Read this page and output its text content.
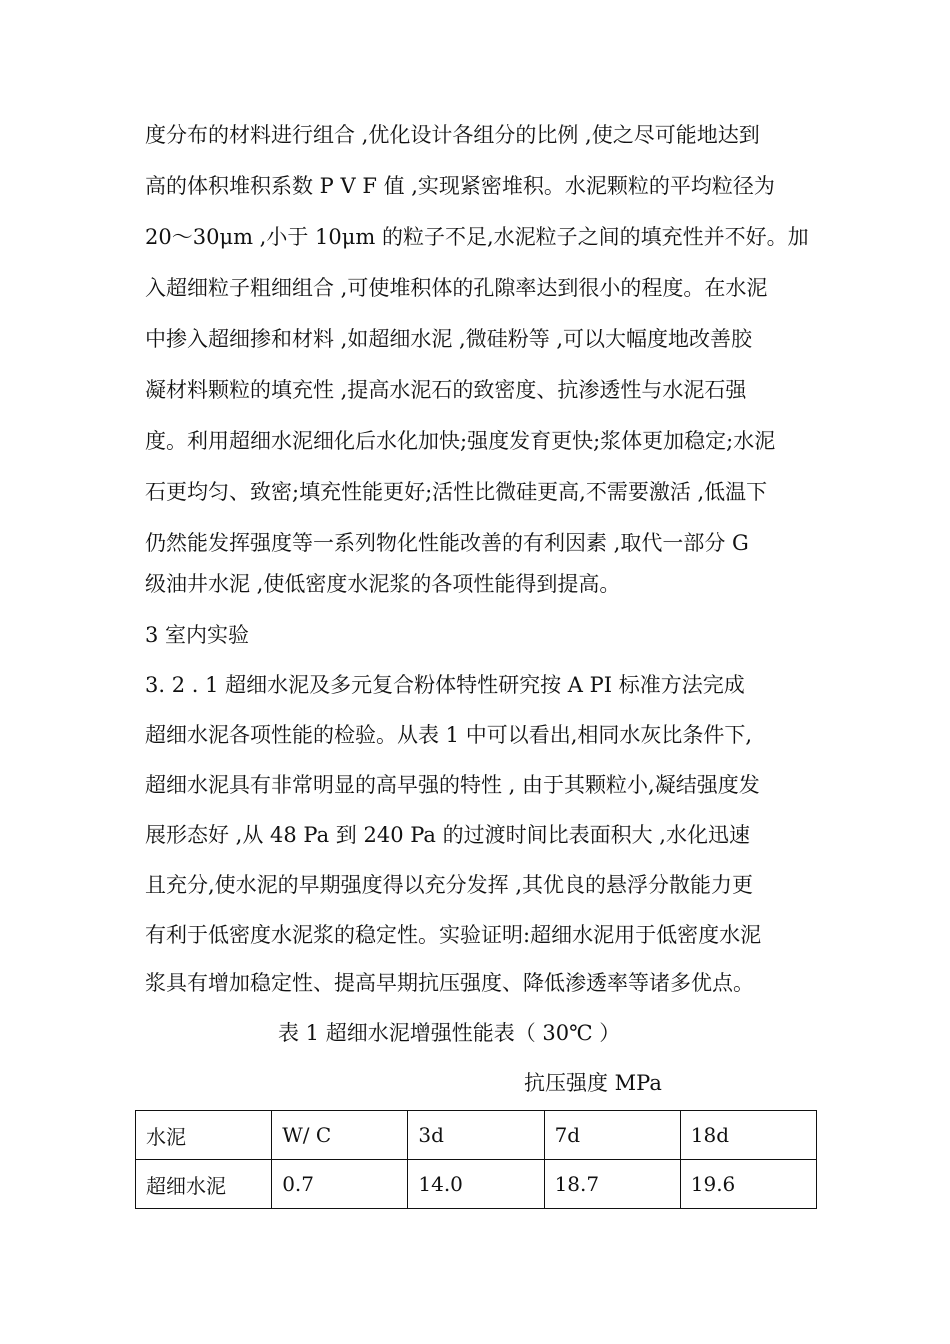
度分布的材料进行组合 ,优化设计各组分的比例 ,使之尽可能地达到
高的体积堆积系数 P V F 值 ,实现紧密堆积。水泥颗粒的平均粒径为
20～30μm ,小于 10μm 的粒子不足,水泥粒子之间的填充性并不好。加
入超细粒子粗细组合 ,可使堆积体的孔隙率达到很小的程度。在水泥
中掺入超细掺和材料 ,如超细水泥 ,微硅粉等 ,可以大幅度地改善胶
凝材料颗粒的填充性 ,提高水泥石的致密度、抗渗透性与水泥石强
度。利用超细水泥细化后水化加快;强度发育更快;浆体更加稳定;水泥
石更均匀、致密;填充性能更好;活性比微硅更高,不需要激活 ,低温下
仍然能发挥强度等一系列物化性能改善的有利因素 ,取代一部分 G
级油井水泥 ,使低密度水泥浆的各项性能得到提高。
3 室内实验
3. 2 . 1 超细水泥及多元复合粉体特性研究按 A PI 标准方法完成
超细水泥各项性能的检验。从表 1 中可以看出,相同水灰比条件下,
超细水泥具有非常明显的高早强的特性 , 由于其颗粒小,凝结强度发
展形态好 ,从 48 Pa 到 240 Pa 的过渡时间比表面积大 ,水化迅速
且充分,使水泥的早期强度得以充分发挥 ,其优良的悬浮分散能力更
有利于低密度水泥浆的稳定性。实验证明:超细水泥用于低密度水泥
浆具有增加稳定性、提高早期抗压强度、降低渗透率等诸多优点。
表 1 超细水泥增强性能表（ 30℃ ）
抗压强度 MPa
水泥	W/ C	3d	7d	18d
超细水泥	0.7	14.0	18.7	19.6
